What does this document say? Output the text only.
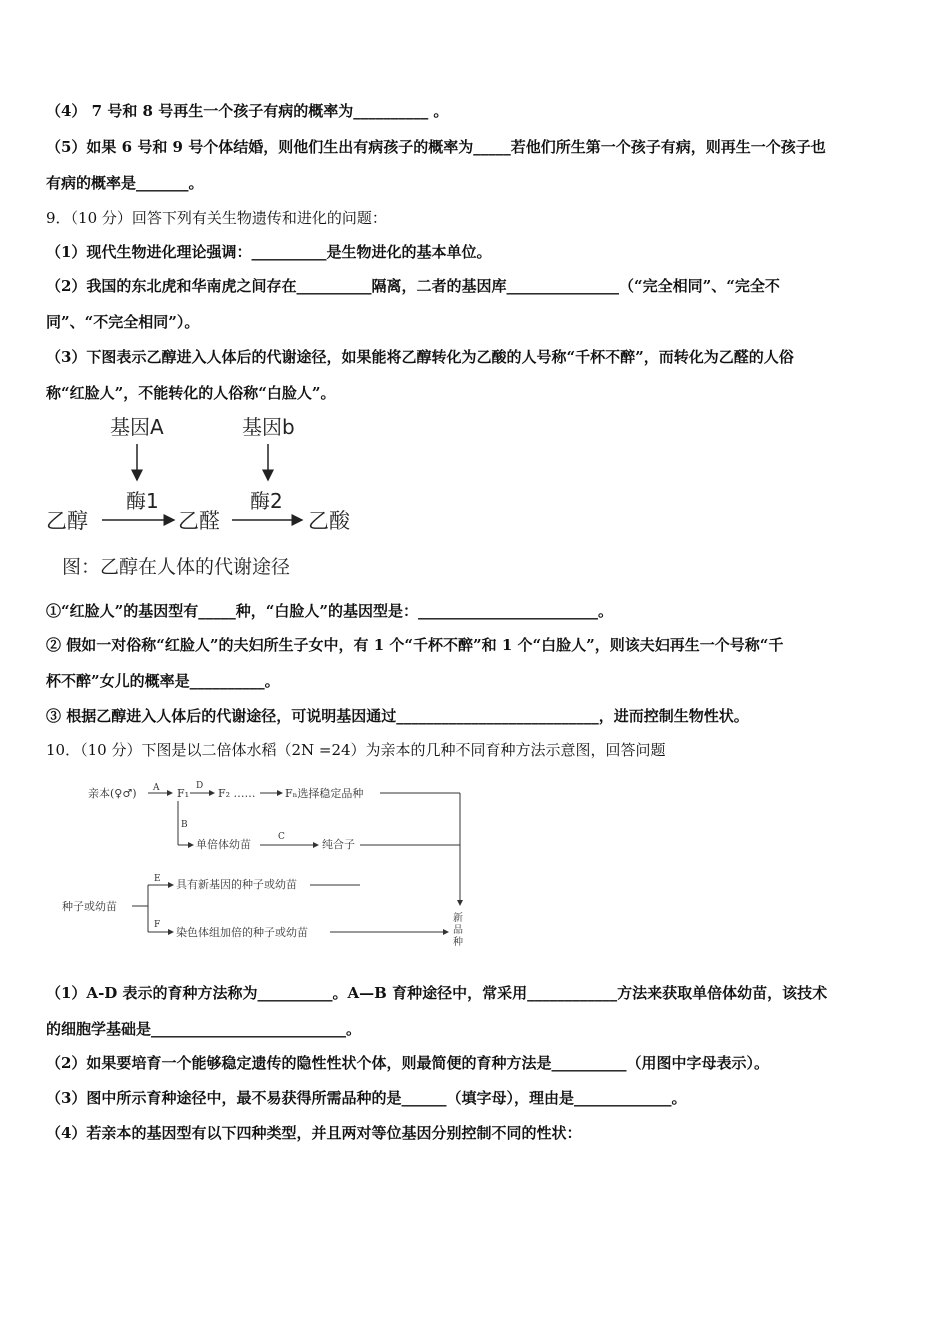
（4） 7 号和 8 号再生一个孩子有病的概率为__________ 。
（5）如果 6 号和 9 号个体结婚，则他们生出有病孩子的概率为_____若他们所生第一个孩子有病，则再生一个孩子也
有病的概率是_______。
9．（10 分）回答下列有关生物遗传和进化的问题：
（1）现代生物进化理论强调：__________是生物进化的基本单位。
（2）我国的东北虎和华南虎之间存在__________隔离，二者的基因库_______________（“完全相同”、“完全不
同”、“不完全相同”）。
（3）下图表示乙醇进入人体后的代谢途径，如果能将乙醇转化为乙酸的人号称“千杯不醉”，而转化为乙醛的人俗
称“红脸人”，不能转化的人俗称“白脸人”。
基因A	基因b
酶1	酶2
乙醇	乙醛	乙酸
图：乙醇在人体的代谢途径
①“红脸人”的基因型有_____种，“白脸人”的基因型是：________________________。
② 假如一对俗称“红脸人”的夫妇所生子女中，有 1 个“千杯不醉”和 1 个“白脸人”，则该夫妇再生一个号称“千
杯不醉”女儿的概率是__________。
③ 根据乙醇进入人体后的代谢途径，可说明基因通过___________________________，进而控制生物性状。
10．（10 分）下图是以二倍体水稻（2N =24）为亲本的几种不同育种方法示意图，回答问题
亲本(♀♂) A F₁
D
F₂ ……	Fₙ选择稳定品种
B
单倍体幼苗
C
纯合子
种子或幼苗
E 具有新基因的种子或幼苗
F
染色体组加倍的种子或幼苗
新
品
种
（1）A-D 表示的育种方法称为__________。A—B 育种途径中，常采用____________方法来获取单倍体幼苗，该技术
的细胞学基础是__________________________。
（2）如果要培育一个能够稳定遗传的隐性性状个体，则最简便的育种方法是__________（用图中字母表示）。
（3）图中所示育种途径中，最不易获得所需品种的是______（填字母），理由是_____________。
（4）若亲本的基因型有以下四种类型，并且两对等位基因分别控制不同的性状：
